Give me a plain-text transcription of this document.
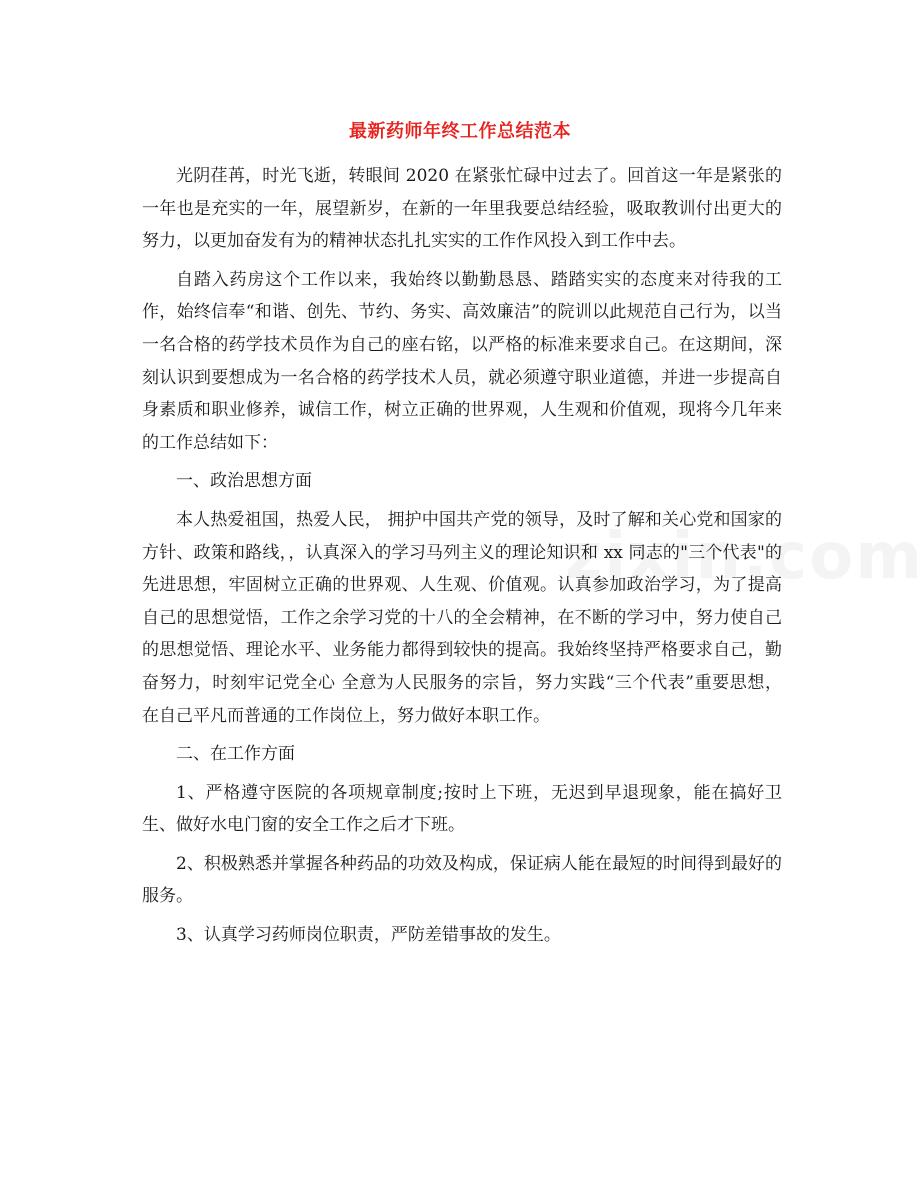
最新药师年终工作总结范本

光阴荏苒，时光飞逝，转眼间 2020 在紧张忙碌中过去了。回首这一年是紧张的一年也是充实的一年，展望新岁，在新的一年里我要总结经验，吸取教训付出更大的努力，以更加奋发有为的精神状态扎扎实实的工作作风投入到工作中去。

自踏入药房这个工作以来，我始终以勤勤恳恳、踏踏实实的态度来对待我的工作，始终信奉“和谐、创先、节约、务实、高效廉洁”的院训以此规范自己行为，以当一名合格的药学技术员作为自己的座右铭，以严格的标准来要求自己。在这期间，深刻认识到要想成为一名合格的药学技术人员，就必须遵守职业道德，并进一步提高自身素质和职业修养，诚信工作，树立正确的世界观，人生观和价值观，现将今几年来的工作总结如下：

一、政治思想方面

本人热爱祖国，热爱人民， 拥护中国共产党的领导，及时了解和关心党和国家的方针、政策和路线，，认真深入的学习马列主义的理论知识和 xx 同志的"三个代表"的先进思想，牢固树立正确的世界观、人生观、价值观。认真参加政治学习，为了提高自己的思想觉悟，工作之余学习党的十八的全会精神，在不断的学习中，努力使自己的思想觉悟、理论水平、业务能力都得到较快的提高。我始终坚持严格要求自己，勤奋努力，时刻牢记党全心 全意为人民服务的宗旨，努力实践“三个代表”重要思想， 在自己平凡而普通的工作岗位上，努力做好本职工作。

二、在工作方面

1、严格遵守医院的各项规章制度;按时上下班，无迟到早退现象，能在搞好卫生、做好水电门窗的安全工作之后才下班。

2、积极熟悉并掌握各种药品的功效及构成，保证病人能在最短的时间得到最好的服务。

3、认真学习药师岗位职责，严防差错事故的发生。
